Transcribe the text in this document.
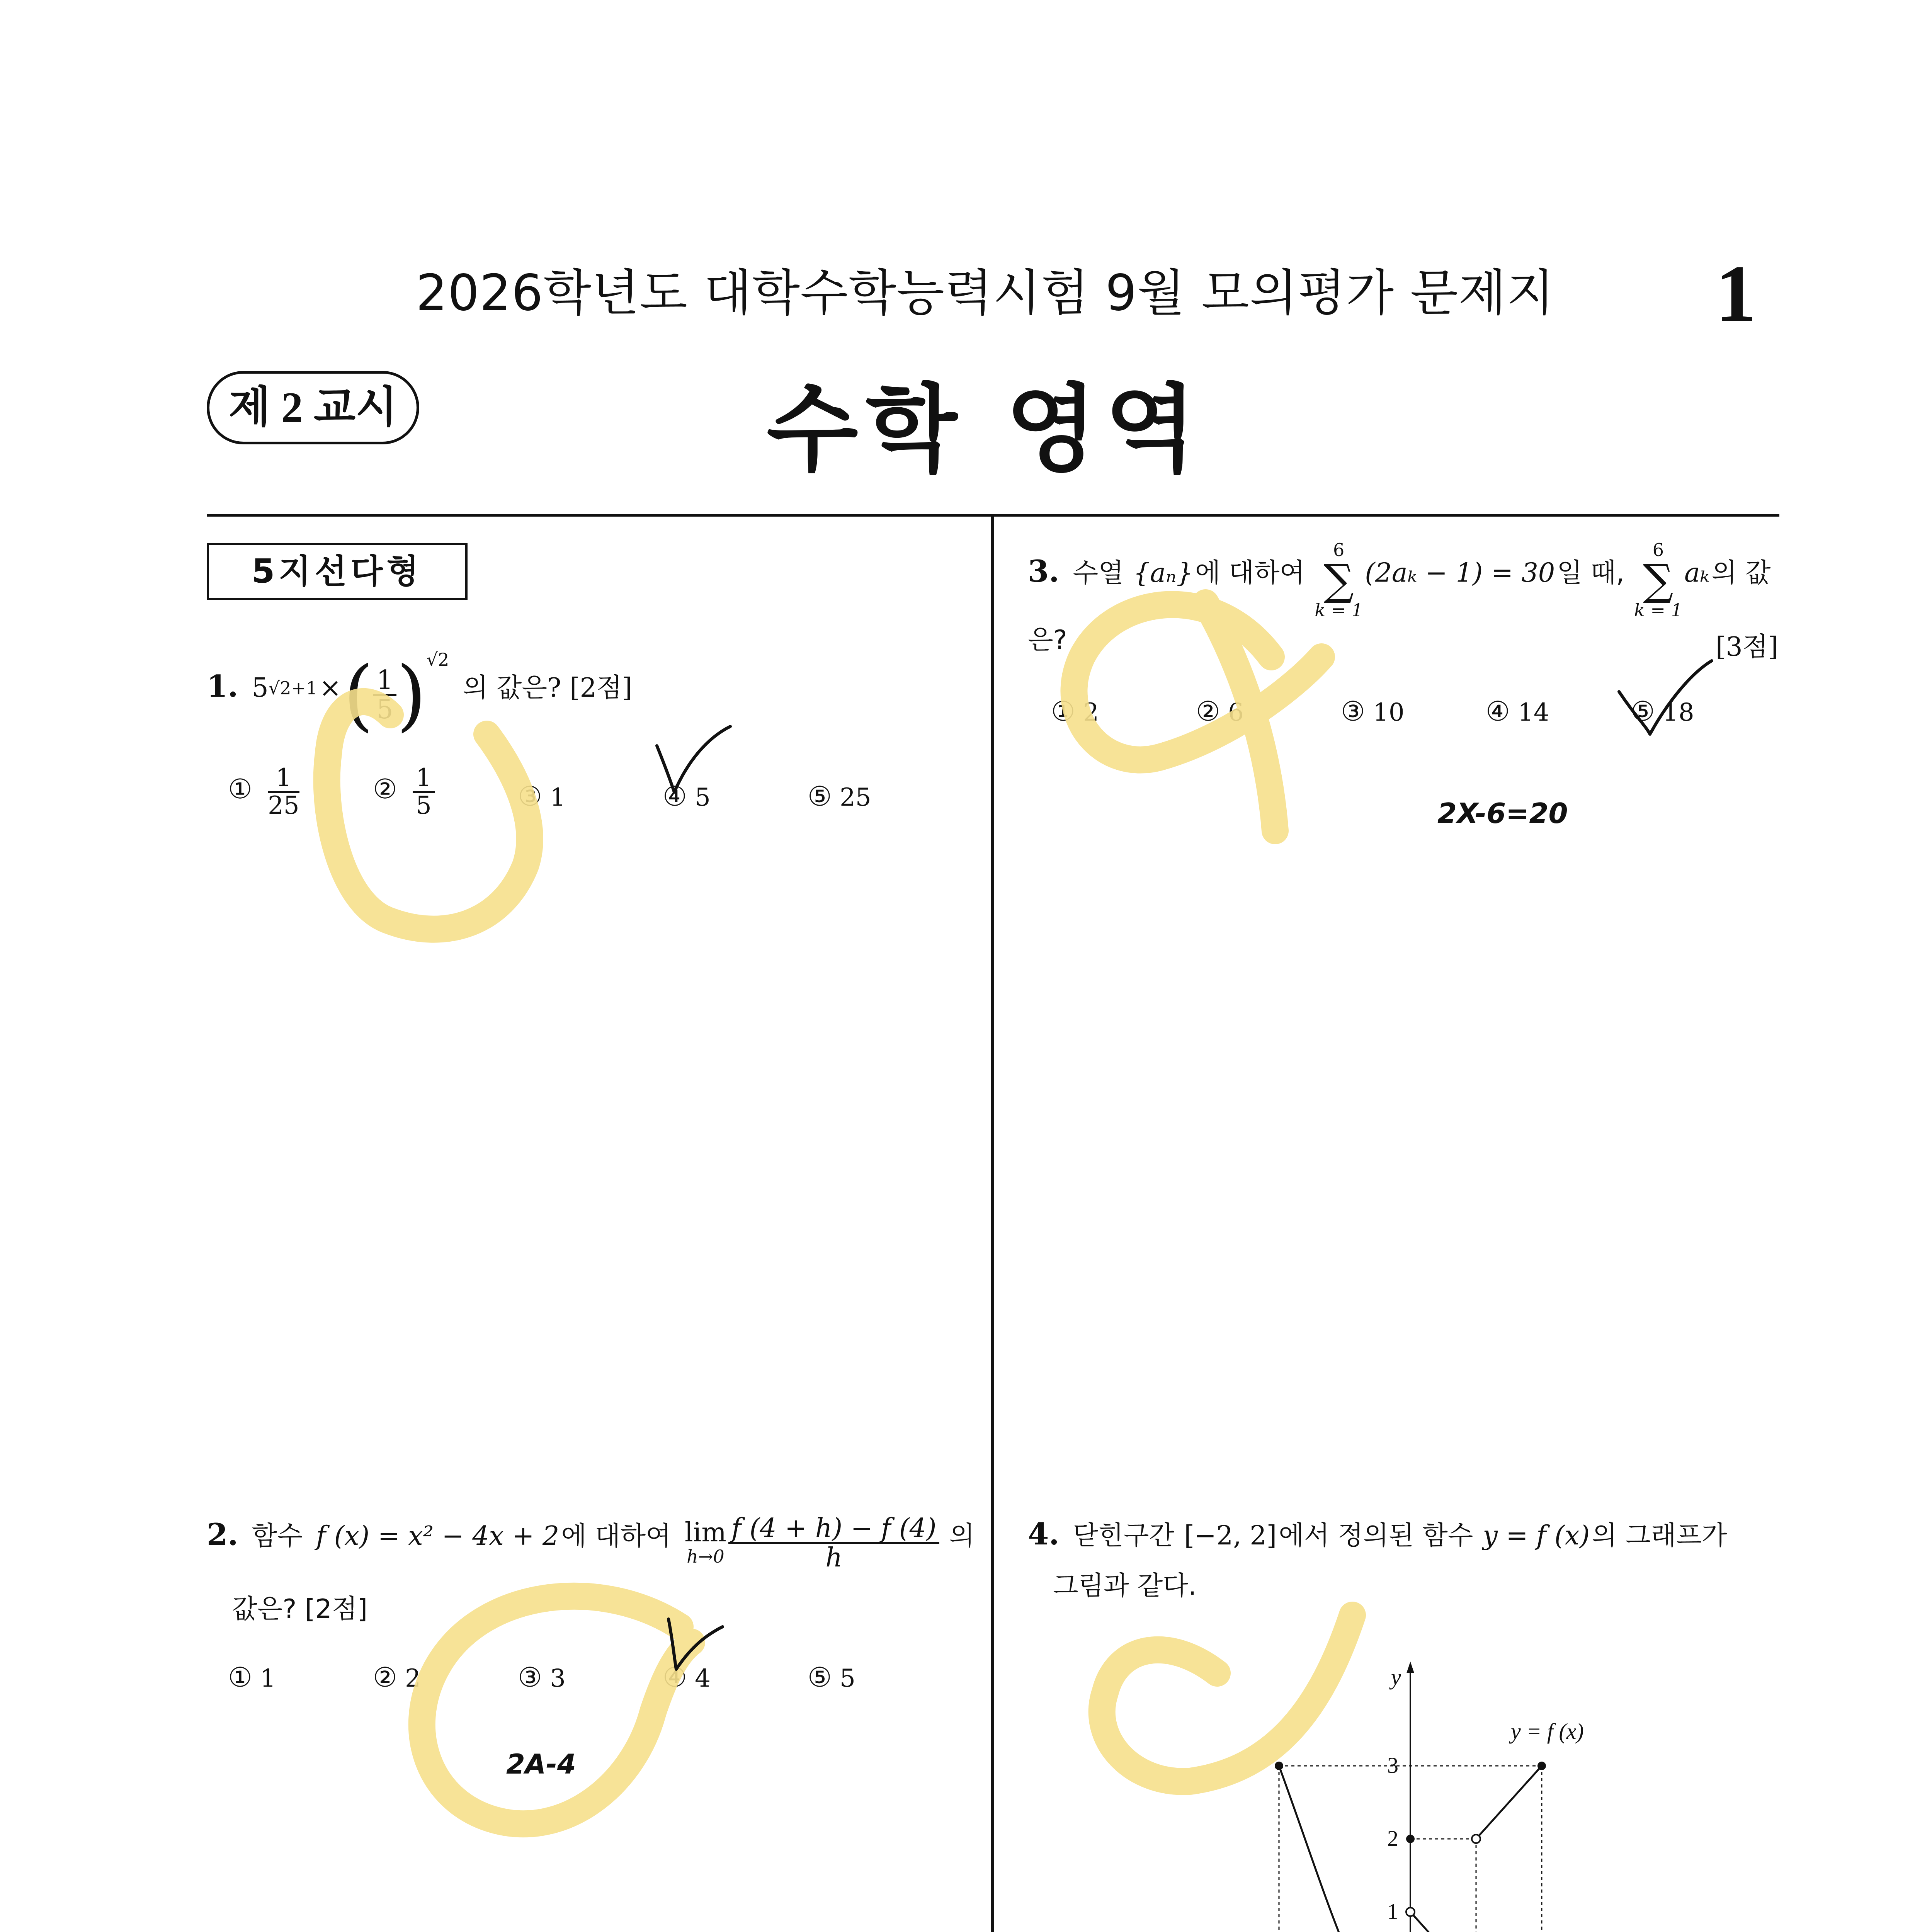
2026학년도 대학수학능력시험 9월 모의평가 문제지	1
제 2 교시	수학 영역
5지선다형
1. $5^{√2+1}$ × ( $\frac{1}{5} )^{√2}$ 의 값은? [2점]
① $\frac{1}{25}$	② $\frac{1}{5}$	③ 1	④ 5	⑤ 25
2. 함수 f (x) = x² − 4x + 2 에 대하여 lim
h→0
$\frac{f (4 + h) - f (4)}{h}$ 의
값은? [2점]
① 1	② 2	③ 3	④ 4	⑤ 5
3. 수열 {aₙ} 에 대하여
6
∑
k = 1
(2aₖ − 1) = 30 일 때,
6
∑
k = 1
aₖ 의 값은?	[3점]
① 2	② 6	③ 10	④ 14	⑤ 18
4. 닫힌구간 [−2, 2] 에서 정의된 함수 y = f (x) 의 그래프가
그림과 같다.
y
3
2
1
y = f (x)

2X-6=20
2A-4
